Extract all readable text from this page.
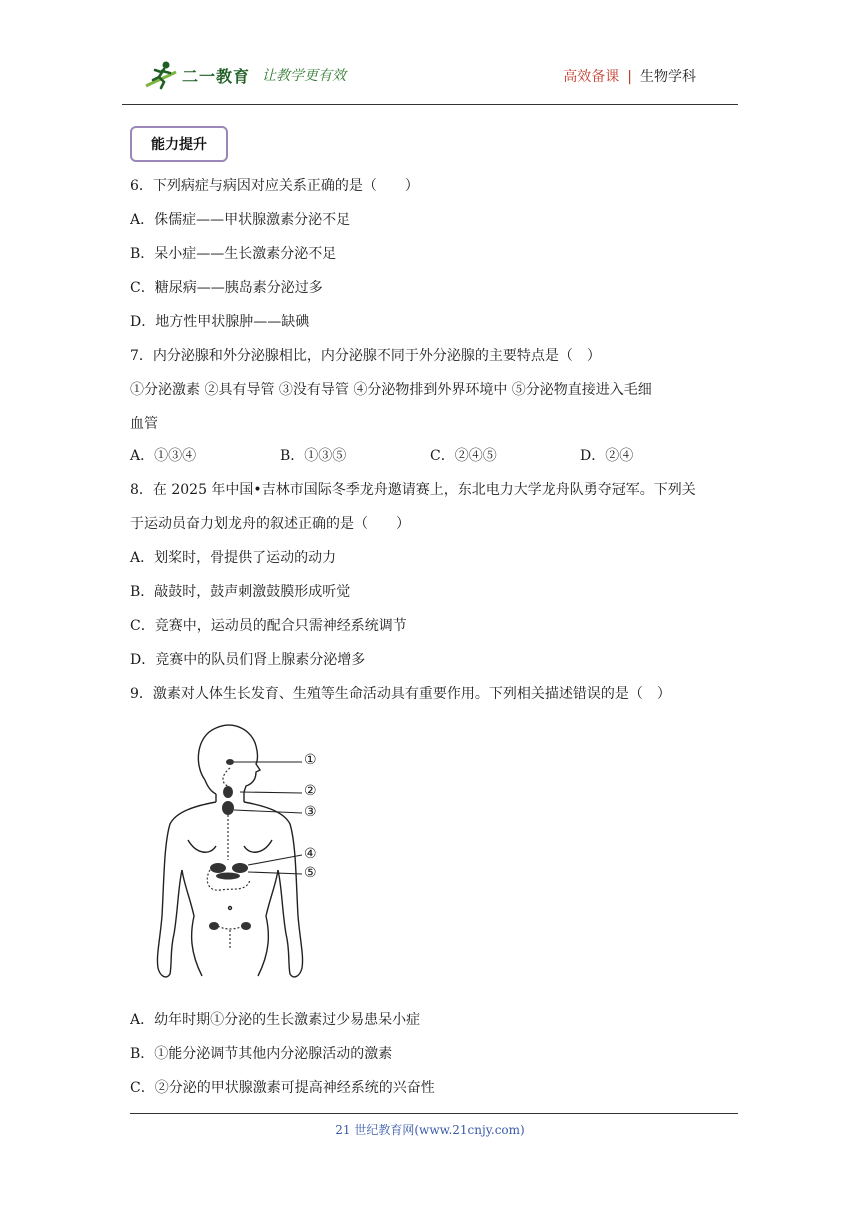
二一教育 让教学更有效	高效备课 | 生物学科
能力提升
6．下列病症与病因对应关系正确的是（　　）
A．侏儒症——甲状腺激素分泌不足
B．呆小症——生长激素分泌不足
C．糖尿病——胰岛素分泌过多
D．地方性甲状腺肿——缺碘
7．内分泌腺和外分泌腺相比，内分泌腺不同于外分泌腺的主要特点是（　）
①分泌激素 ②具有导管 ③没有导管 ④分泌物排到外界环境中 ⑤分泌物直接进入毛细
血管
A．①③④	B．①③⑤	C．②④⑤	D．②④
8．在 2025 年中国•吉林市国际冬季龙舟邀请赛上，东北电力大学龙舟队勇夺冠军。下列关
于运动员奋力划龙舟的叙述正确的是（　　）
A．划桨时，骨提供了运动的动力
B．敲鼓时，鼓声刺激鼓膜形成听觉
C．竞赛中，运动员的配合只需神经系统调节
D．竞赛中的队员们肾上腺素分泌增多
9．激素对人体生长发育、生殖等生命活动具有重要作用。下列相关描述错误的是（　）
①
②
③
④
⑤
A．幼年时期①分泌的生长激素过少易患呆小症
B．①能分泌调节其他内分泌腺活动的激素
C．②分泌的甲状腺激素可提高神经系统的兴奋性
21 世纪教育网(www.21cnjy.com)
